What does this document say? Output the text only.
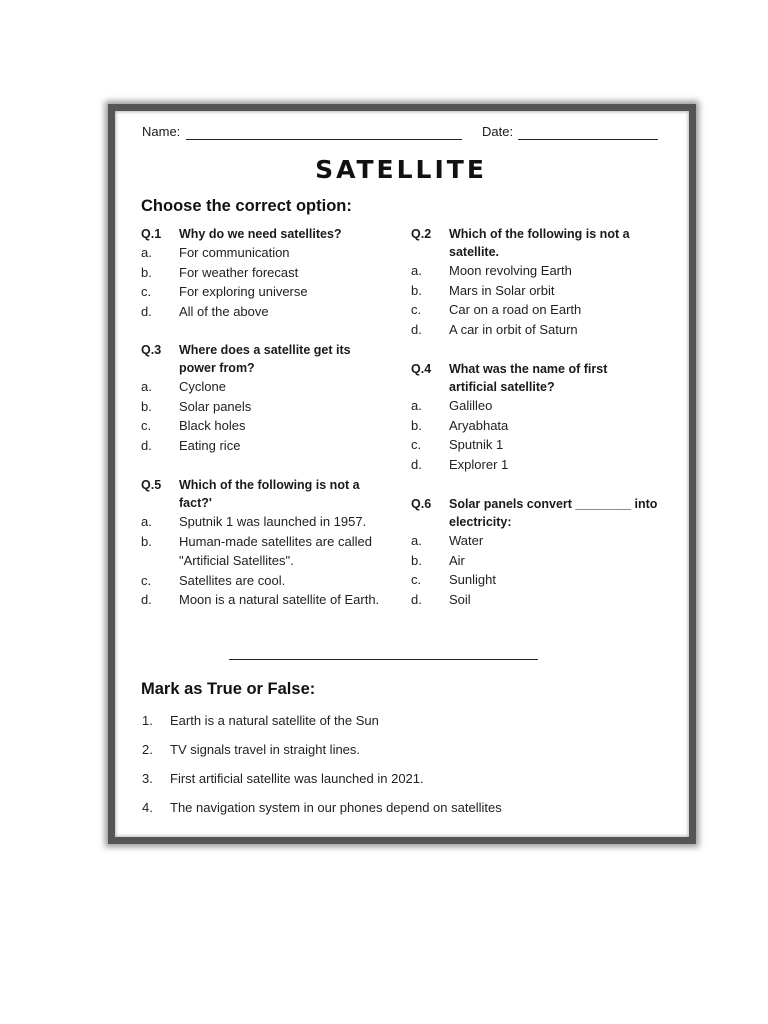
Name:	Date:
SATELLITE
Choose the correct option:
Q.1	Why do we need satellites?
a.	For communication
b.	For weather forecast
c.	For exploring universe
d.	All of the above
Q.2	Which of the following is not a satellite.
a.	Moon revolving Earth
b.	Mars in Solar orbit
c.	Car on a road on Earth
d.	A car in orbit of Saturn
Q.3	Where does a satellite get its power from?
a.	Cyclone
b.	Solar panels
c.	Black holes
d.	Eating rice
Q.4	What was the name of first artificial satellite?
a.	Galilleo
b.	Aryabhata
c.	Sputnik 1
d.	Explorer 1
Q.5	Which of the following is not a fact?'
a.	Sputnik 1 was launched in 1957.
b.	Human-made satellites are called "Artificial Satellites".
c.	Satellites are cool.
d.	Moon is a natural satellite of Earth.
Q.6	Solar panels convert ________ into electricity:
a.	Water
b.	Air
c.	Sunlight
d.	Soil
Mark as True or False:
1.	Earth is a natural satellite of the Sun
2.	TV signals travel in straight lines.
3.	First artificial satellite was launched in 2021.
4.	The navigation system in our phones depend on satellites
